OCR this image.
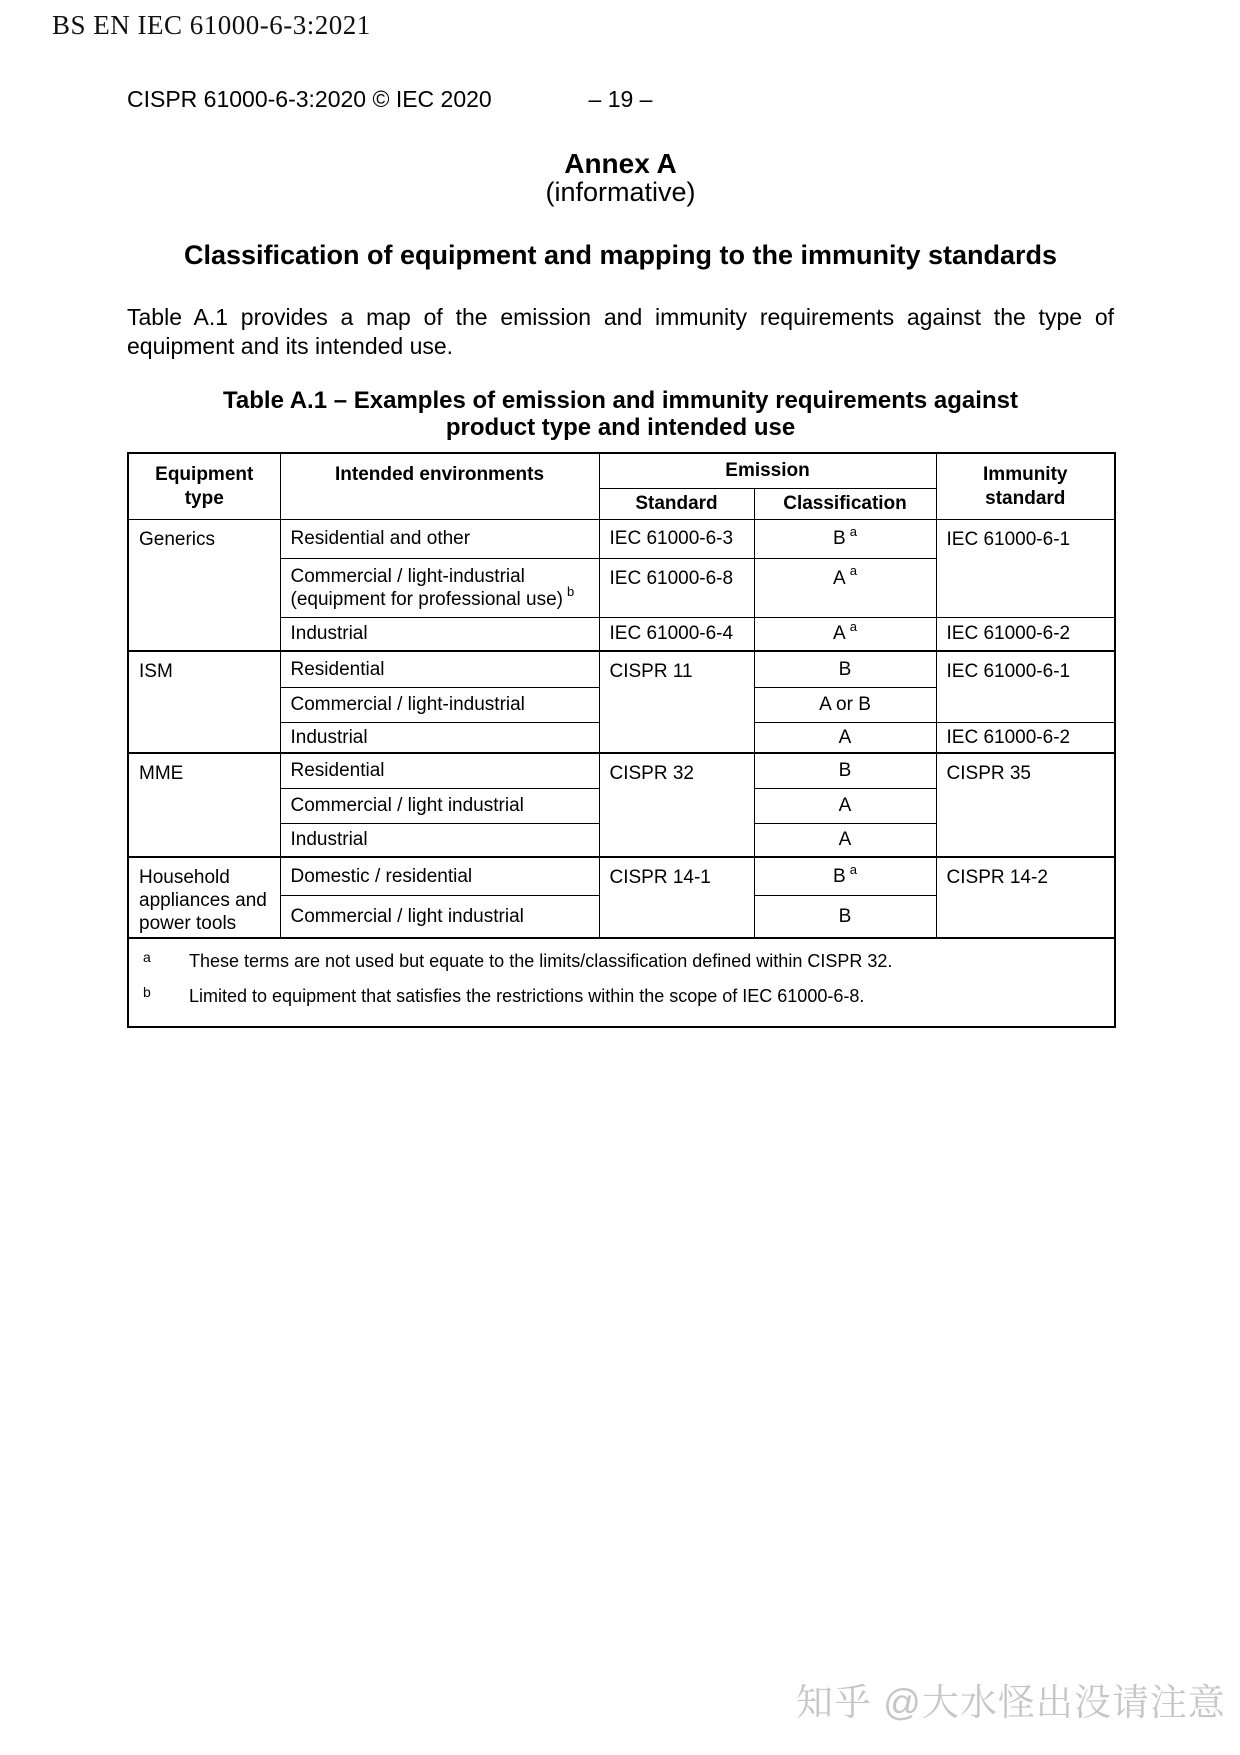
BS EN IEC 61000-6-3:2021
CISPR 61000-6-3:2020 © IEC 2020	– 19 –
Annex A
(informative)
Classification of equipment and mapping to the immunity standards
Table A.1 provides a map of the emission and immunity requirements against the type of
equipment and its intended use.
Table A.1 – Examples of emission and immunity requirements against
product type and intended use
Equipment type	Intended environments	Emission		Immunity standard
		Standard	Classification	
Generics	Residential and other	IEC 61000-6-3	B $^a$	IEC 61000-6-1
	Commercial / light-industrial (equipment for professional use) $^b$	IEC 61000-6-8	A $^a$
	Industrial	IEC 61000-6-4	A $^a$	IEC 61000-6-2
ISM	Residential	CISPR 11	B	IEC 61000-6-1
	Commercial / light-industrial		A or B	
	Industrial		A	IEC 61000-6-2
MME	Residential	CISPR 32	B	CISPR 35
	Commercial / light industrial		A	
	Industrial		A	
Household appliances and power tools	Domestic / residential	CISPR 14-1	B $^a$	CISPR 14-2
	Commercial / light industrial		B	

a These terms are not used but equate to the limits/classification defined within CISPR 32.
b Limited to equipment that satisfies the restrictions within the scope of IEC 61000-6-8.				
知乎 @大水怪出没请注意
